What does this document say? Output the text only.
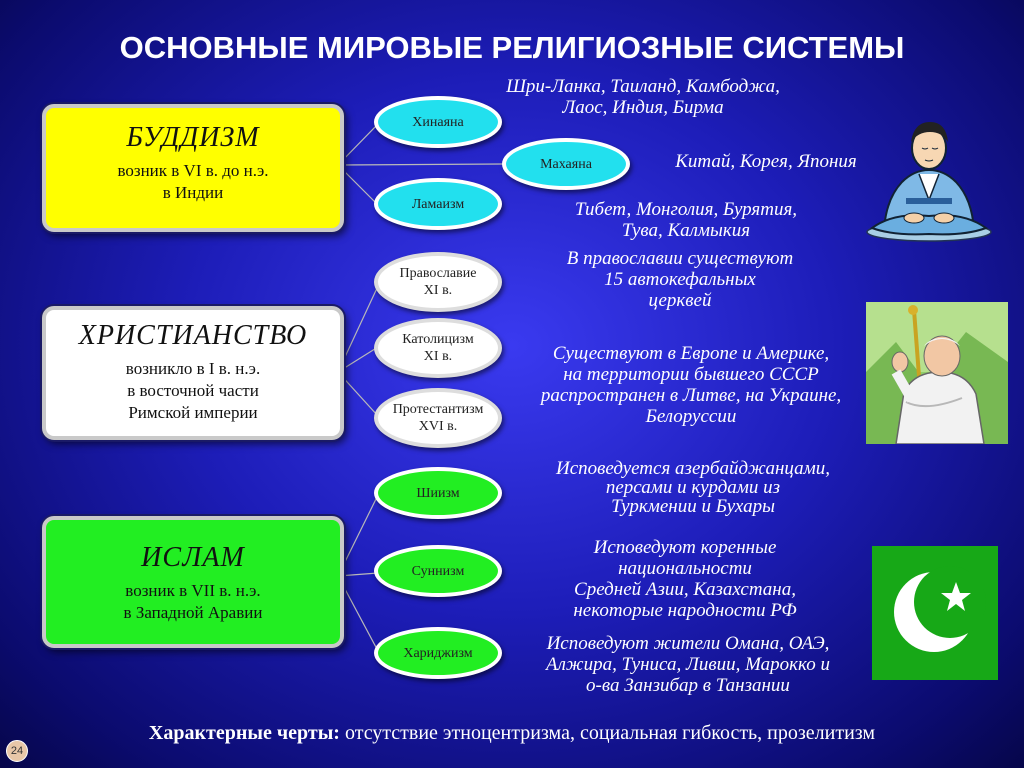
ОСНОВНЫЕ МИРОВЫЕ РЕЛИГИОЗНЫЕ СИСТЕМЫ
БУДДИЗМ
возник в VI в. до н.э.
в Индии
ХРИСТИАНСТВО
возникло в I в. н.э.
в восточной части
Римской империи
ИСЛАМ
возник в VII в. н.э.
в Западной Аравии
Хинаяна
Махаяна
Ламаизм
Православие
XI в.
Католицизм
XI в.
Протестантизм
XVI в.
Шиизм
Суннизм
Хариджизм
Шри-Ланка, Таиланд, Камбоджа,
Лаос, Индия, Бирма
Китай, Корея, Япония
Тибет, Монголия, Бурятия,
Тува, Калмыкия
В православии существуют
15 автокефальных
церквей
Существуют в Европе и Америке,
на территории бывшего СССР
распространен в Литве, на Украине,
Белоруссии
Исповедуется азербайджанцами,
персами и курдами из
Туркмении и Бухары
Исповедуют коренные
национальности
Средней Азии, Казахстана,
некоторые народности РФ
Исповедуют жители Омана, ОАЭ,
Алжира, Туниса, Ливии, Марокко и
о-ва Занзибар в Танзании
Характерные черты: отсутствие этноцентризма, социальная гибкость, прозелитизм
24
